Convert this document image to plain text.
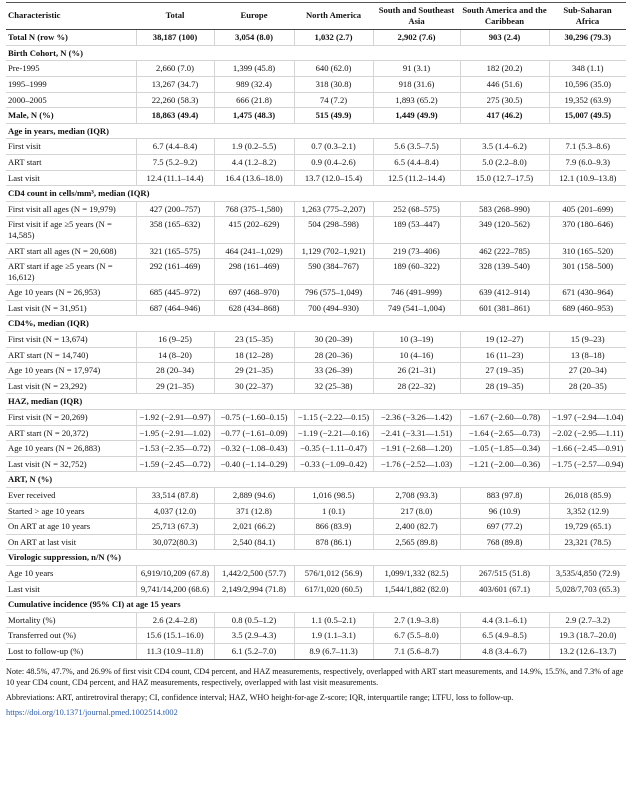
Characteristic	Total	Europe	North America	South and Southeast Asia	South America and the Caribbean	Sub-Saharan Africa
Total N (row %)	38,187 (100)	3,054 (8.0)	1,032 (2.7)	2,902 (7.6)	903 (2.4)	30,296 (79.3)
Birth Cohort, N (%)						
Pre-1995	2,660 (7.0)	1,399 (45.8)	640 (62.0)	91 (3.1)	182 (20.2)	348 (1.1)
1995–1999	13,267 (34.7)	989 (32.4)	318 (30.8)	918 (31.6)	446 (51.6)	10,596 (35.0)
2000–2005	22,260 (58.3)	666 (21.8)	74 (7.2)	1,893 (65.2)	275 (30.5)	19,352 (63.9)
Male, N (%)	18,863 (49.4)	1,475 (48.3)	515 (49.9)	1,449 (49.9)	417 (46.2)	15,007 (49.5)
Age in years, median (IQR)						
First visit	6.7 (4.4–8.4)	1.9 (0.2–5.5)	0.7 (0.3–2.1)	5.6 (3.5–7.5)	3.5 (1.4–6.2)	7.1 (5.3–8.6)
ART start	7.5 (5.2–9.2)	4.4 (1.2–8.2)	0.9 (0.4–2.6)	6.5 (4.4–8.4)	5.0 (2.2–8.0)	7.9 (6.0–9.3)
Last visit	12.4 (11.1–14.4)	16.4 (13.6–18.0)	13.7 (12.0–15.4)	12.5 (11.2–14.4)	15.0 (12.7–17.5)	12.1 (10.9–13.8)
CD4 count in cells/mm³, median (IQR)						
First visit all ages (N = 19,979)	427 (200–757)	768 (375–1,580)	1,263 (775–2,207)	252 (68–575)	583 (268–990)	405 (201–699)
First visit if age ≥5 years (N = 14,585)	358 (165–632)	415 (202–629)	504 (298–598)	189 (53–447)	349 (120–562)	370 (180–646)
ART start all ages (N = 20,608)	321 (165–575)	464 (241–1,029)	1,129 (702–1,921)	219 (73–406)	462 (222–785)	310 (165–520)
ART start if age ≥5 years (N = 16,612)	292 (161–469)	298 (161–469)	590 (384–767)	189 (60–322)	328 (139–540)	301 (158–500)
Age 10 years (N = 26,953)	685 (445–972)	697 (468–970)	796 (575–1,049)	746 (491–999)	639 (412–914)	671 (430–964)
Last visit (N = 31,951)	687 (464–946)	628 (434–868)	700 (494–930)	749 (541–1,004)	601 (381–861)	689 (460–953)
CD4%, median (IQR)						
First visit (N = 13,674)	16 (9–25)	23 (15–35)	30 (20–39)	10 (3–19)	19 (12–27)	15 (9–23)
ART start (N = 14,740)	14 (8–20)	18 (12–28)	28 (20–36)	10 (4–16)	16 (11–23)	13 (8–18)
Age 10 years (N = 17,974)	28 (20–34)	29 (21–35)	33 (26–39)	26 (21–31)	27 (19–35)	27 (20–34)
Last visit (N = 23,292)	29 (21–35)	30 (22–37)	32 (25–38)	28 (22–32)	28 (19–35)	28 (20–35)
HAZ, median (IQR)						
First visit (N = 20,269)	−1.92 (−2.91––0.97)	−0.75 (−1.60–0.15)	−1.15 (−2.22––0.15)	−2.36 (−3.26––1.42)	−1.67 (−2.60––0.78)	−1.97 (−2.94––1.04)
ART start (N = 20,372)	−1.95 (−2.91––1.02)	−0.77 (−1.61–0.09)	−1.19 (−2.21––0.16)	−2.41 (−3.31––1.51)	−1.64 (−2.65––0.73)	−2.02 (−2.95––1.11)
Age 10 years (N = 26,883)	−1.53 (−2.35––0.72)	−0.32 (−1.08–0.43)	−0.35 (−1.11–0.47)	−1.91 (−2.68––1.20)	−1.05 (−1.85––0.34)	−1.66 (−2.45––0.91)
Last visit (N = 32,752)	−1.59 (−2.45––0.72)	−0.40 (−1.14–0.29)	−0.33 (−1.09–0.42)	−1.76 (−2.52––1.03)	−1.21 (−2.00––0.36)	−1.75 (−2.57––0.94)
ART, N (%)						
Ever received	33,514 (87.8)	2,889 (94.6)	1,016 (98.5)	2,708 (93.3)	883 (97.8)	26,018 (85.9)
Started > age 10 years	4,037 (12.0)	371 (12.8)	1 (0.1)	217 (8.0)	96 (10.9)	3,352 (12.9)
On ART at age 10 years	25,713 (67.3)	2,021 (66.2)	866 (83.9)	2,400 (82.7)	697 (77.2)	19,729 (65.1)
On ART at last visit	30,072(80.3)	2,540 (84.1)	878 (86.1)	2,565 (89.8)	768 (89.8)	23,321 (78.5)
Virologic suppression, n/N (%)						
Age 10 years	6,919/10,209 (67.8)	1,442/2,500 (57.7)	576/1,012 (56.9)	1,099/1,332 (82.5)	267/515 (51.8)	3,535/4,850 (72.9)
Last visit	9,741/14,200 (68.6)	2,149/2,994 (71.8)	617/1,020 (60.5)	1,544/1,882 (82.0)	403/601 (67.1)	5,028/7,703 (65.3)
Cumulative incidence (95% CI) at age 15 years						
Mortality (%)	2.6 (2.4–2.8)	0.8 (0.5–1.2)	1.1 (0.5–2.1)	2.7 (1.9–3.8)	4.4 (3.1–6.1)	2.9 (2.7–3.2)
Transferred out (%)	15.6 (15.1–16.0)	3.5 (2.9–4.3)	1.9 (1.1–3.1)	6.7 (5.5–8.0)	6.5 (4.9–8.5)	19.3 (18.7–20.0)
Lost to follow-up (%)	11.3 (10.9–11.8)	6.1 (5.2–7.0)	8.9 (6.7–11.3)	7.1 (5.6–8.7)	4.8 (3.4–6.7)	13.2 (12.6–13.7)

Note: 48.5%, 47.7%, and 26.9% of first visit CD4 count, CD4 percent, and HAZ measurements, respectively, overlapped with ART start measurements, and 14.9%, 15.5%, and 7.3% of age 10 year CD4 count, CD4 percent, and HAZ measurements, respectively, overlapped with last visit measurements.

Abbreviations: ART, antiretroviral therapy; CI, confidence interval; HAZ, WHO height-for-age Z-score; IQR, interquartile range; LTFU, loss to follow-up.

https://doi.org/10.1371/journal.pmed.1002514.t002
